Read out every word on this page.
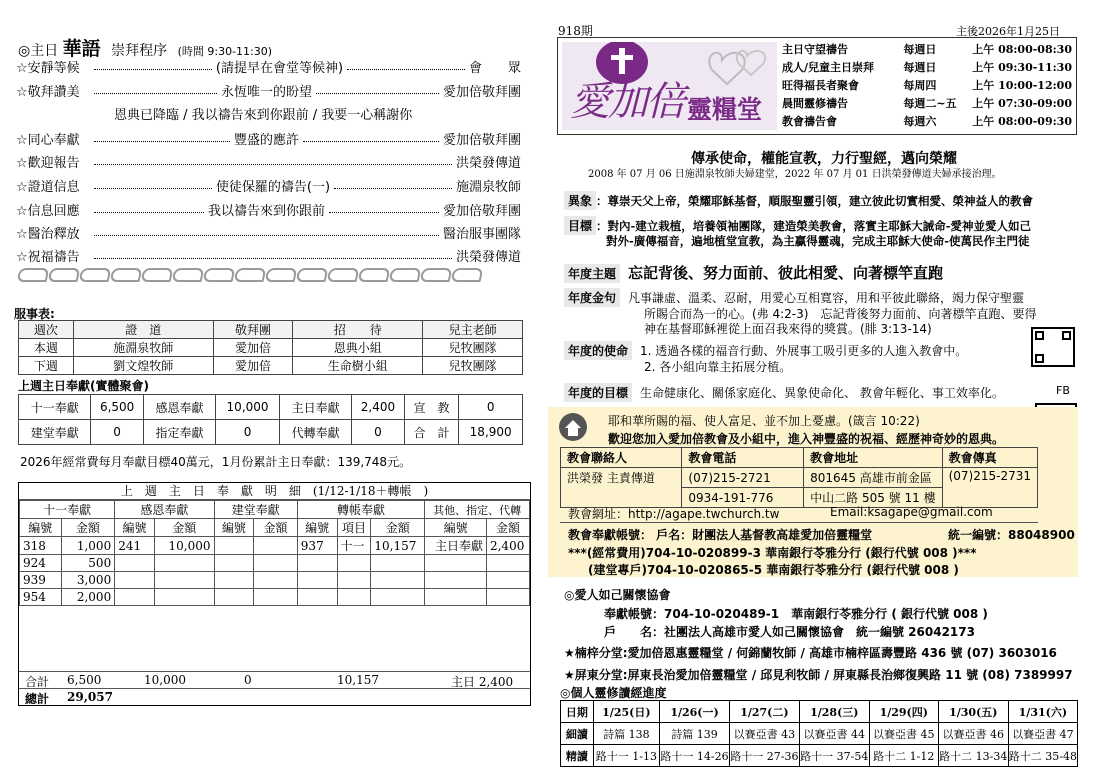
◎主日 華語 崇拜程序 (時間 9:30-11:30)
☆安靜等候	(請提早在會堂等候神)	會　　眾
☆敬拜讚美	永恆唯一的盼望	愛加倍敬拜團
☆同心奉獻	豐盛的應許	愛加倍敬拜團
☆歡迎報告	洪榮發傳道
☆證道信息	使徒保羅的禱告(一)	施淵泉牧師
☆信息回應	我以禱告來到你跟前	愛加倍敬拜團
☆醫治釋放	醫治服事團隊
☆祝福禱告	洪榮發傳道
恩典已降臨 / 我以禱告來到你跟前 / 我要一心稱謝你
服事表:
週次	證　道	敬拜團	招　　待	兒主老師
本週	施淵泉牧師	愛加倍	恩典小組	兒牧團隊
下週	劉文煌牧師	愛加倍	生命樹小組	兒牧團隊
上週主日奉獻(實體聚會)
十一奉獻	6,500	感恩奉獻	10,000	主日奉獻	2,400	宣　教	0
建堂奉獻	0	指定奉獻	0	代轉奉獻	0	合　計	18,900
2026年經常費每月奉獻目標40萬元，1月份累計主日奉獻：139,748元。
上　週　主　日　奉　獻　明　細　(1/12-1/18＋轉帳　)
十一奉獻		感恩奉獻		建堂奉獻		轉帳奉獻			其他、指定、代轉	
編號	金額	編號	金額	編號	金額	編號	項目	金額	編號	金額
318	1,000	241	10,000			937	十一	10,157	主日奉獻	2,400
924	500									
939	3,000									
954	2,000									
合計 6,500	10,000	0	10,157	主日 2,400
總計 29,057
918期	主後2026年1月25日
愛加倍 靈糧堂
主日守望禱告	每週日	上午 08:00-08:30
成人/兒童主日崇拜	每週日	上午 09:30-11:30
旺得福長者聚會	每周四	上午 10:00-12:00
晨間靈修禱告	每週二~五	上午 07:30-09:00
教會禱告會	每週六	上午 08:00-09:30
傳承使命，權能宣教，力行聖經，邁向榮耀
2008 年 07 月 06 日施淵泉牧師夫婦建堂，2022 年 07 月 01 日洪榮發傳道夫婦承接治理。
異象 ：尊崇天父上帝，榮耀耶穌基督，順服聖靈引領，建立彼此切實相愛、榮神益人的教會
目標 ：對內-建立栽植，培養領袖團隊，建造榮美教會，落實主耶穌大誡命-愛神並愛人如己
對外-廣傳福音，遍地植堂宣教，為主贏得靈魂，完成主耶穌大使命-使萬民作主門徒
年度主題 忘記背後、努力面前、彼此相愛、向著標竿直跑
年度金句 凡事謙虛、溫柔、忍耐，用愛心互相寬容，用和平彼此聯絡，竭力保守聖靈
所賜合而為一的心。(弗 4:2-3)　忘記背後努力面前、向著標竿直跑、要得
神在基督耶穌裡從上面召我來得的獎賞。(腓 3:13-14)
年度的使命 1. 透過各樣的福音行動、外展事工吸引更多的人進入教會中。
2. 各小組向靠主拓展分植。
年度的目標 生命健康化、關係家庭化、異象使命化、 教會年輕化、事工效率化。	FB
耶和華所賜的福、使人富足、並不加上憂慮。(箴言 10:22)
歡迎您加入愛加倍教會及小組中，進入神豐盛的祝福、經歷神奇妙的恩典。
教會聯絡人	教會電話	教會地址	教會傳真
洪榮發 主責傳道	(07)215-2721	801645 高雄市前金區	(07)215-2731
	0934-191-776	中山二路 505 號 11 樓	
教會網址：http://agape.twchurch.tw	Email:ksagape@gmail.com
教會奉獻帳號： 戶名：財團法人基督教高雄愛加倍靈糧堂	統一編號：88048900
***(經常費用)704-10-020899-3 華南銀行苓雅分行 (銀行代號 008 )***
(建堂專戶)704-10-020865-5 華南銀行苓雅分行 (銀行代號 008 )
◎愛人如己關懷協會
奉獻帳號：704-10-020489-1　華南銀行苓雅分行 ( 銀行代號 008 )
戶　　名：社團法人高雄市愛人如己關懷協會　統一編號 26042173
★楠梓分堂:愛加倍恩惠靈糧堂 / 何錦蘭牧師 / 高雄市楠梓區壽豐路 436 號 (07) 3603016
★屏東分堂:屏東長治愛加倍靈糧堂 / 邱見利牧師 / 屏東縣長治鄉復興路 11 號 (08) 7389997
◎個人靈修讀經進度
日期	1/25(日)	1/26(一)	1/27(二)	1/28(三)	1/29(四)	1/30(五)	1/31(六)
細讀	詩篇 138	詩篇 139	以賽亞書 43	以賽亞書 44	以賽亞書 45	以賽亞書 46	以賽亞書 47
精讀	路十一 1-13	路十一 14-26	路十一 27-36	路十一 37-54	路十二 1-12	路十二 13-34	路十二 35-48
